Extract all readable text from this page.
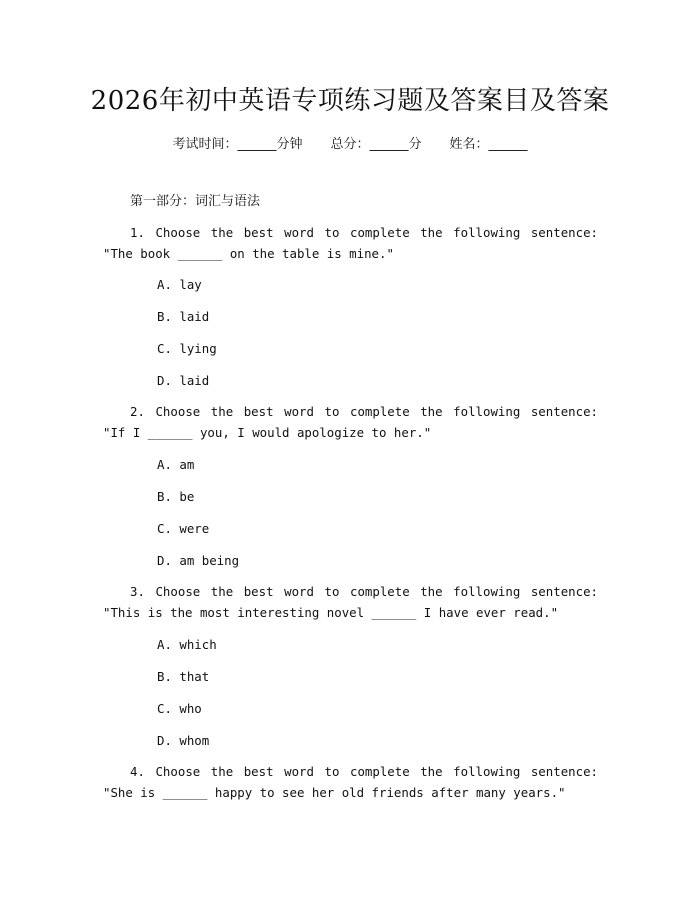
2026年初中英语专项练习题及答案目及答案
考试时间：______分钟 总分：______分 姓名：______
第一部分：词汇与语法
1. Choose the best word to complete the following sentence: "The book ______ on the table is mine."
A. lay
B. laid
C. lying
D. laid
2. Choose the best word to complete the following sentence: "If I ______ you, I would apologize to her."
A. am
B. be
C. were
D. am being
3. Choose the best word to complete the following sentence: "This is the most interesting novel ______ I have ever read."
A. which
B. that
C. who
D. whom
4. Choose the best word to complete the following sentence: "She is ______ happy to see her old friends after many years."
